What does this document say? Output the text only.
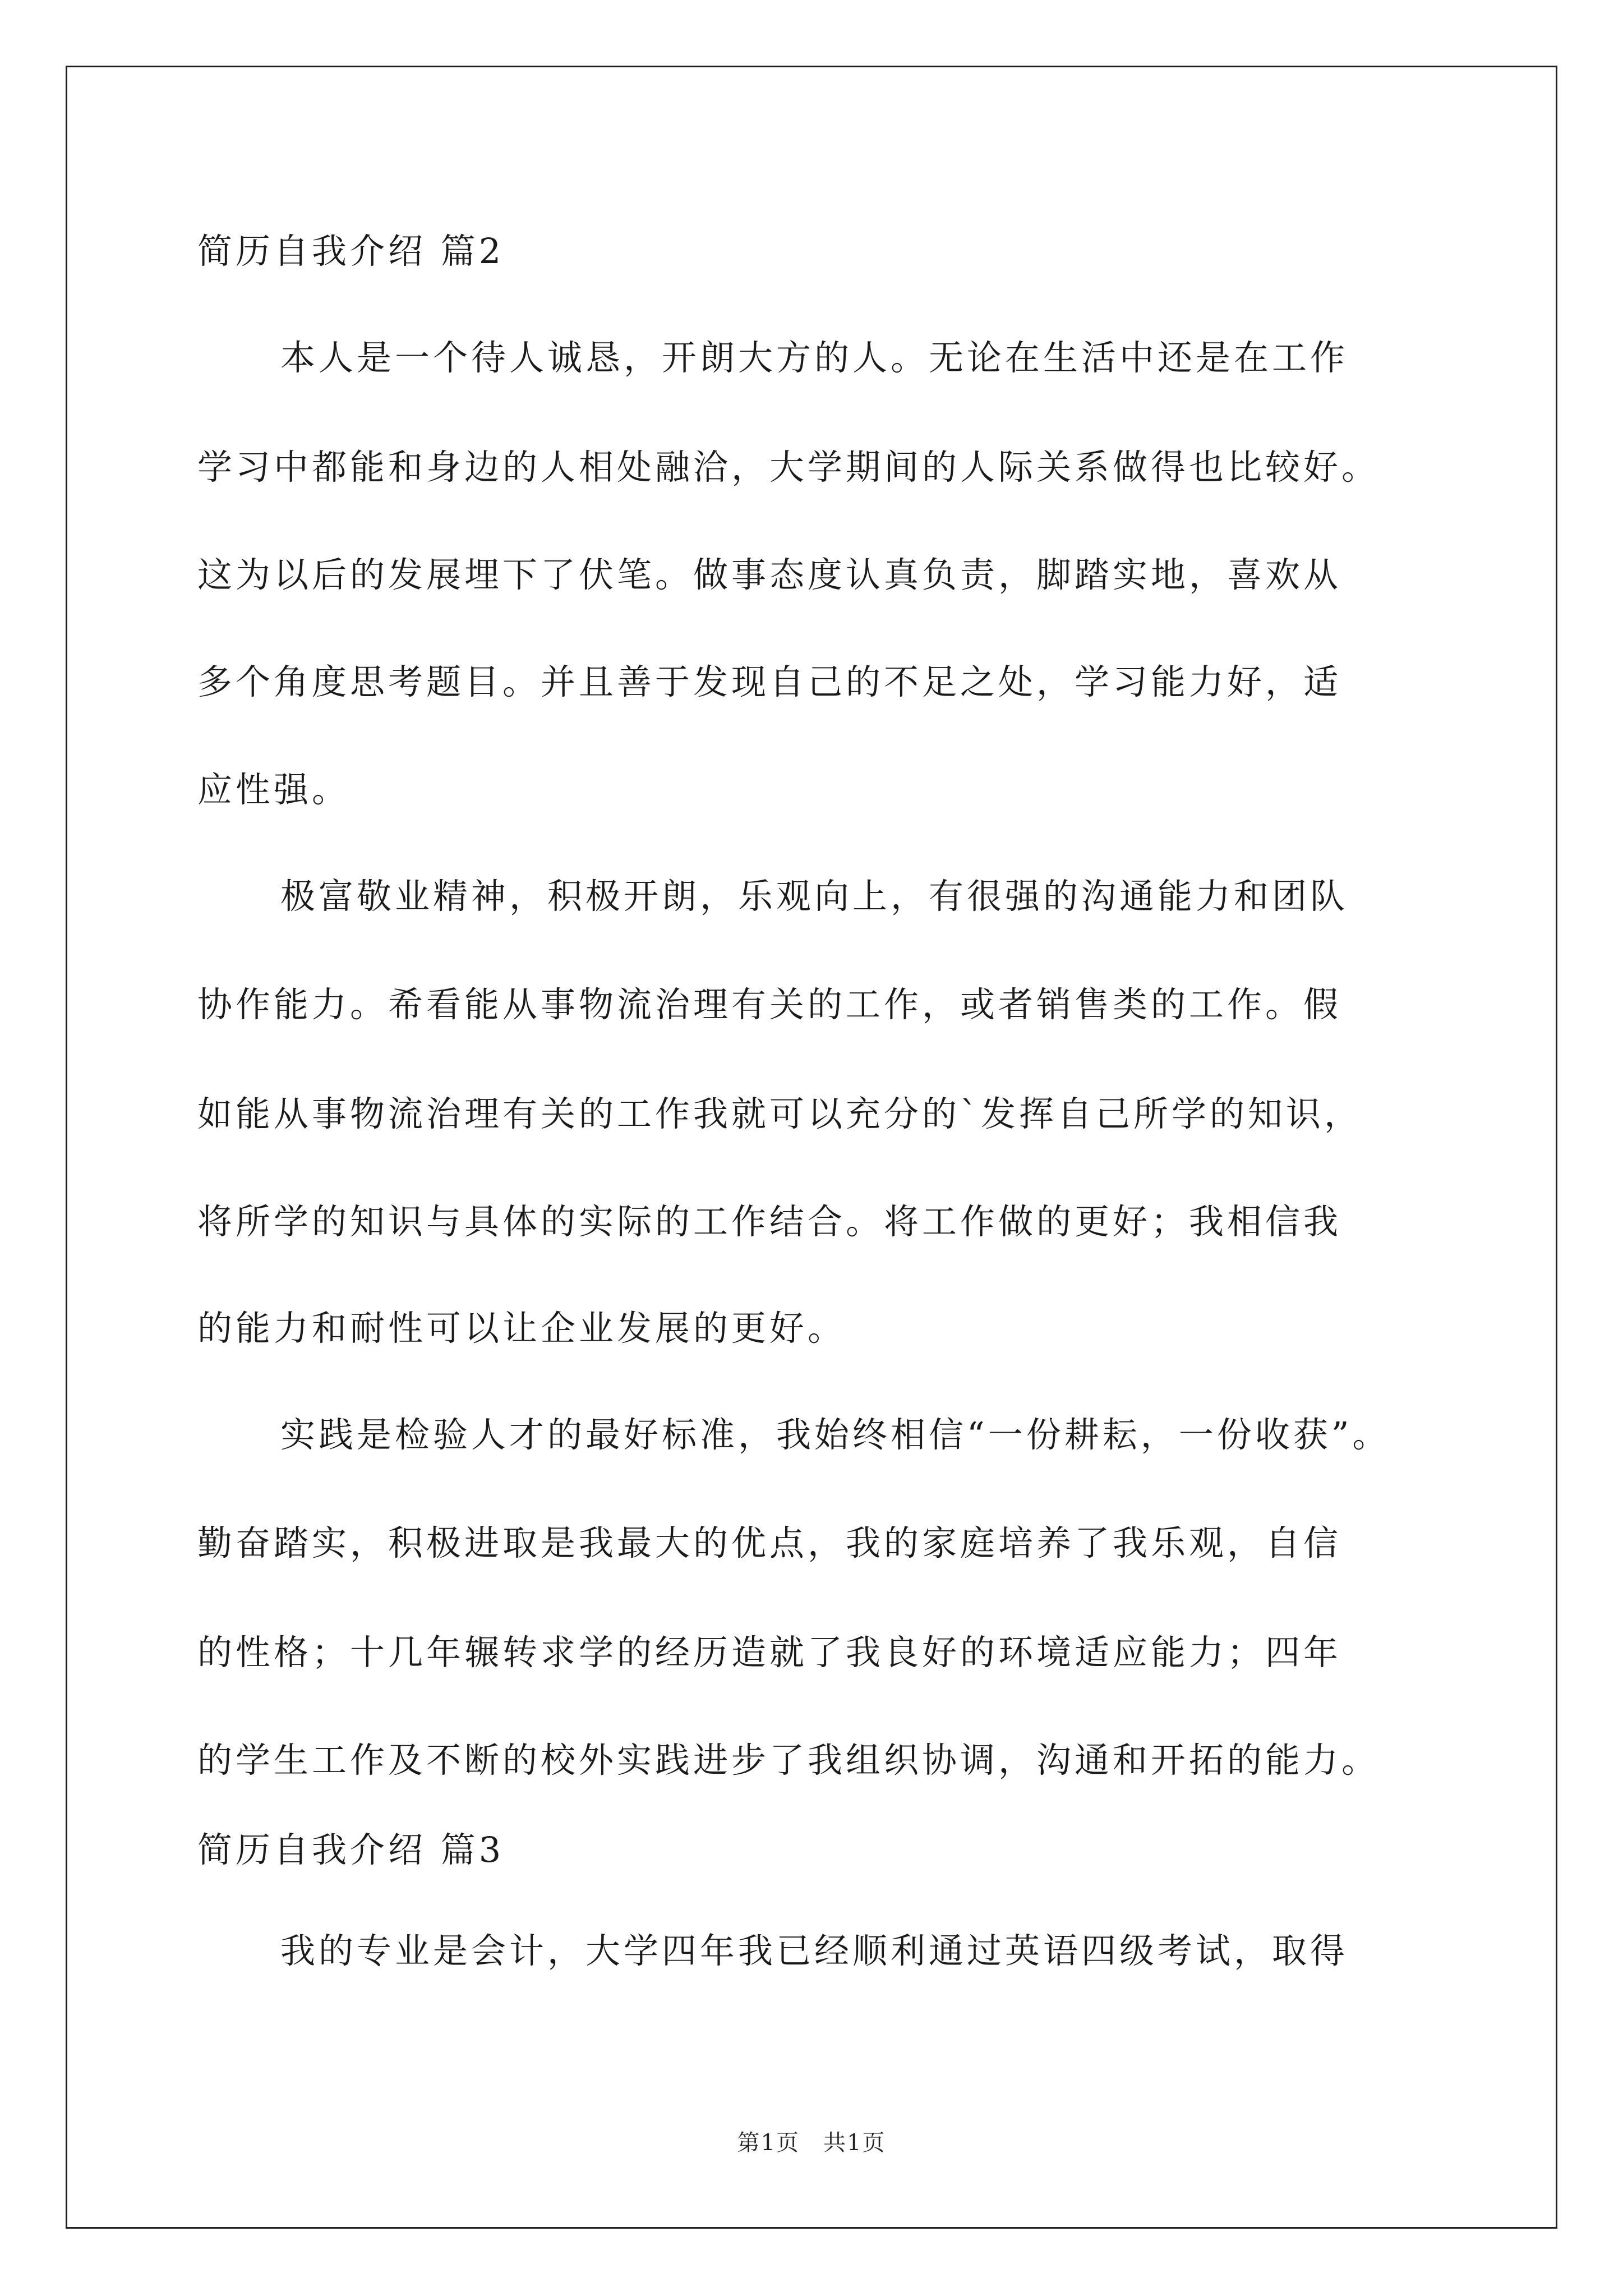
简历自我介绍 篇2
本人是一个待人诚恳，开朗大方的人。无论在生活中还是在工作
学习中都能和身边的人相处融洽，大学期间的人际关系做得也比较好。
这为以后的发展埋下了伏笔。做事态度认真负责，脚踏实地，喜欢从
多个角度思考题目。并且善于发现自己的不足之处，学习能力好，适
应性强。
极富敬业精神，积极开朗，乐观向上，有很强的沟通能力和团队
协作能力。希看能从事物流治理有关的工作，或者销售类的工作。假
如能从事物流治理有关的工作我就可以充分的`发挥自己所学的知识，
将所学的知识与具体的实际的工作结合。将工作做的更好；我相信我
的能力和耐性可以让企业发展的更好。
实践是检验人才的最好标准，我始终相信“一份耕耘，一份收获”。
勤奋踏实，积极进取是我最大的优点，我的家庭培养了我乐观，自信
的性格；十几年辗转求学的经历造就了我良好的环境适应能力；四年
的学生工作及不断的校外实践进步了我组织协调，沟通和开拓的能力。
简历自我介绍 篇3
我的专业是会计，大学四年我已经顺利通过英语四级考试，取得
第1页　共1页
